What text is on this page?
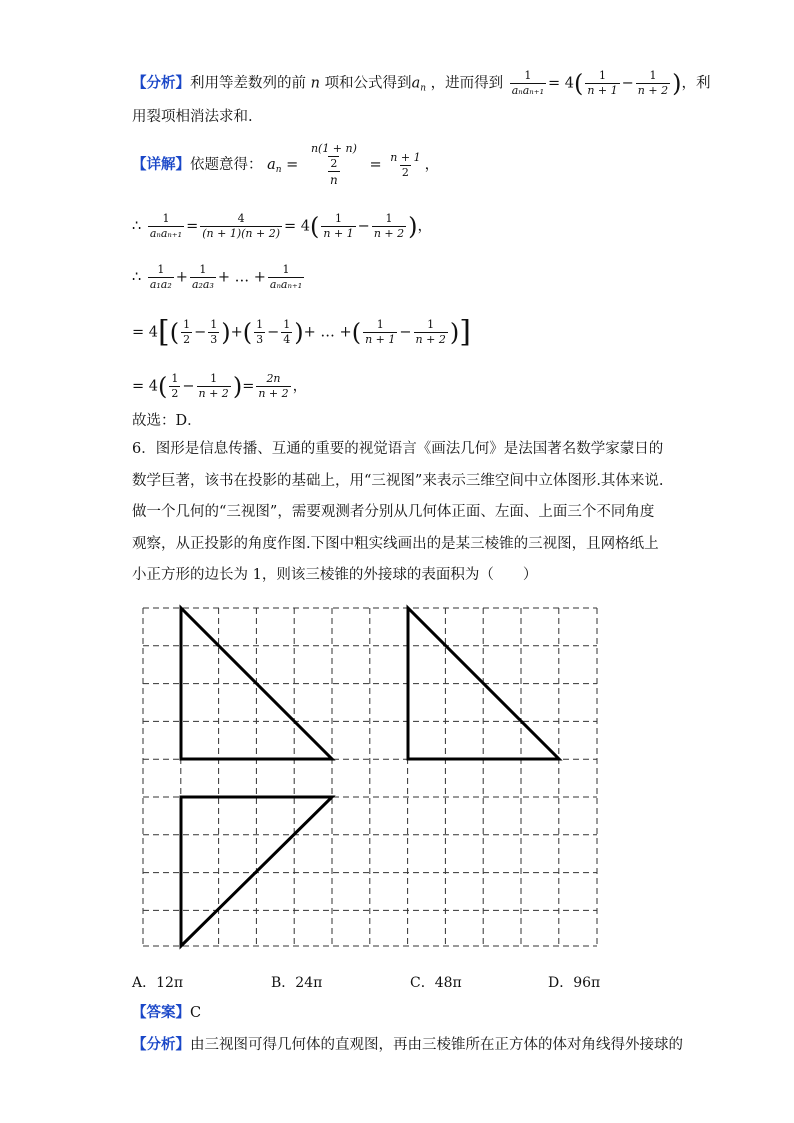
【分析】利用等差数列的前 n 项和公式得到$a_n$ ，进而得到 $\frac{1}{\text{aₙaₙ₊₁}} = 4( \frac{1}{n + 1} - \frac{1}{n + 2}$ )，利
用裂项相消法求和.
【详解】依题意得： $a_n = \frac{\frac{n(1 + n)}{2}}{n} = \frac{n + 1}{2}$ ，
∴ $\frac{1}{\text{aₙaₙ₊₁}} = \frac{4}{(n + 1)(n + 2)} = 4( \frac{1}{n + 1} - \frac{1}{n + 2}$ )，
∴ $\frac{1}{\text{a₁a₂}} + \frac{1}{\text{a₂a₃}}$ + … + $\frac{1}{\text{aₙaₙ₊₁}}$
= $4[( \frac{1}{2} - \frac{1}{3}$ )+( $\frac{1}{3} - \frac{1}{4}$ )+ … +( $\frac{1}{n + 1} - \frac{1}{n + 2}$ )]
= $4( \frac{1}{2} - \frac{1}{n + 2}$ )= $\frac{2n}{n + 2}$ ，
故选：D．
6．图形是信息传播、互通的重要的视觉语言《画法几何》是法国著名数学家蒙日的数学巨著，该书在投影的基础上，用“三视图”来表示三维空间中立体图形.其体来说.做一个几何的“三视图”，需要观测者分别从几何体正面、左面、上面三个不同角度观察，从正投影的角度作图.下图中粗实线画出的是某三棱锥的三视图，且网格纸上小正方形的边长为 1，则该三棱锥的外接球的表面积为（　　）
A．12π	B．24π	C．48π	D．96π
【答案】C
【分析】由三视图可得几何体的直观图，再由三棱锥所在正方体的体对角线得外接球的
